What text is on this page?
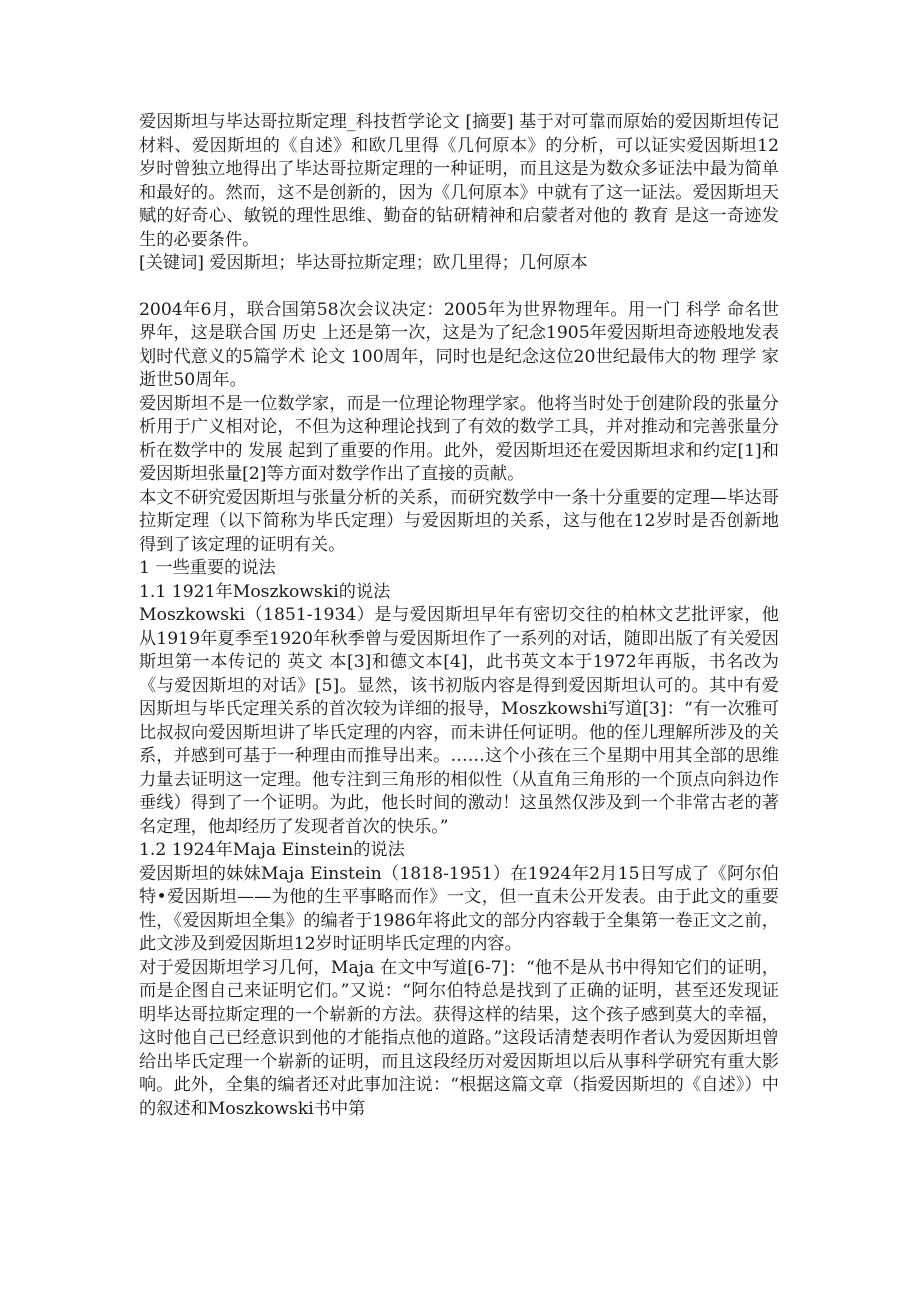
爱因斯坦与毕达哥拉斯定理_科技哲学论文 [摘要] 基于对可靠而原始的爱因斯坦传记材料、爱因斯坦的《自述》和欧几里得《几何原本》的分析，可以证实爱因斯坦12岁时曾独立地得出了毕达哥拉斯定理的一种证明，而且这是为数众多证法中最为简单和最好的。然而，这不是创新的，因为《几何原本》中就有了这一证法。爱因斯坦天赋的好奇心、敏锐的理性思维、勤奋的钻研精神和启蒙者对他的 教育 是这一奇迹发生的必要条件。

[关键词] 爱因斯坦；毕达哥拉斯定理；欧几里得；几何原本

2004年6月，联合国第58次会议决定：2005年为世界物理年。用一门 科学 命名世界年，这是联合国 历史 上还是第一次，这是为了纪念1905年爱因斯坦奇迹般地发表划时代意义的5篇学术 论文 100周年，同时也是纪念这位20世纪最伟大的物 理学 家逝世50周年。

爱因斯坦不是一位数学家，而是一位理论物理学家。他将当时处于创建阶段的张量分析用于广义相对论，不但为这种理论找到了有效的数学工具，并对推动和完善张量分析在数学中的 发展 起到了重要的作用。此外，爱因斯坦还在爱因斯坦求和约定[1]和爱因斯坦张量[2]等方面对数学作出了直接的贡献。

本文不研究爱因斯坦与张量分析的关系，而研究数学中一条十分重要的定理—毕达哥拉斯定理（以下简称为毕氏定理）与爱因斯坦的关系，这与他在12岁时是否创新地得到了该定理的证明有关。

1 一些重要的说法

1.1 1921年Moszkowski的说法

Moszkowski（1851-1934）是与爱因斯坦早年有密切交往的柏林文艺批评家，他从1919年夏季至1920年秋季曾与爱因斯坦作了一系列的对话，随即出版了有关爱因斯坦第一本传记的 英文 本[3]和德文本[4]，此书英文本于1972年再版，书名改为《与爱因斯坦的对话》[5]。显然，该书初版内容是得到爱因斯坦认可的。其中有爱因斯坦与毕氏定理关系的首次较为详细的报导，Moszkowshi写道[3]：“有一次雅可比叔叔向爱因斯坦讲了毕氏定理的内容，而未讲任何证明。他的侄儿理解所涉及的关系，并感到可基于一种理由而推导出来。……这个小孩在三个星期中用其全部的思维力量去证明这一定理。他专注到三角形的相似性（从直角三角形的一个顶点向斜边作垂线）得到了一个证明。为此，他长时间的激动！这虽然仅涉及到一个非常古老的著名定理，他却经历了发现者首次的快乐。”

1.2 1924年Maja Einstein的说法

爱因斯坦的妹妹Maja Einstein（1818-1951）在1924年2月15日写成了《阿尔伯特•爱因斯坦——为他的生平事略而作》一文，但一直未公开发表。由于此文的重要性，《爱因斯坦全集》的编者于1986年将此文的部分内容载于全集第一卷正文之前，此文涉及到爱因斯坦12岁时证明毕氏定理的内容。

对于爱因斯坦学习几何，Maja 在文中写道[6-7]：“他不是从书中得知它们的证明，而是企图自己来证明它们。”又说：“阿尔伯特总是找到了正确的证明，甚至还发现证明毕达哥拉斯定理的一个崭新的方法。获得这样的结果，这个孩子感到莫大的幸福，这时他自己已经意识到他的才能指点他的道路。”这段话清楚表明作者认为爱因斯坦曾给出毕氏定理一个崭新的证明，而且这段经历对爱因斯坦以后从事科学研究有重大影响。此外，全集的编者还对此事加注说：“根据这篇文章（指爱因斯坦的《自述》）中的叙述和Moszkowski书中第
